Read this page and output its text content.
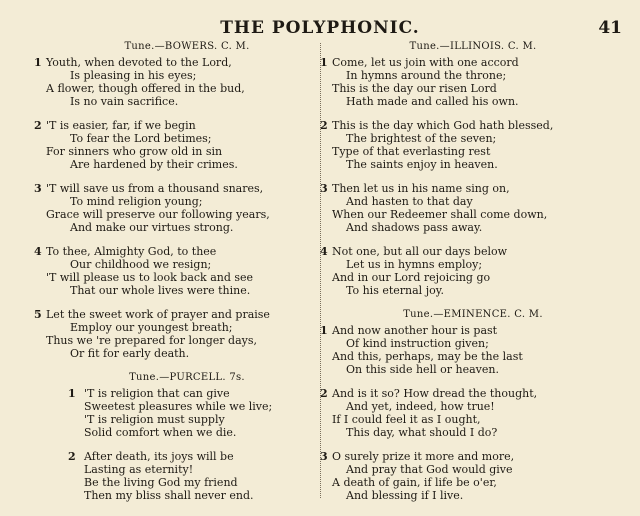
THE POLYPHONIC.	41
Tune.—BOWERS. C. M.
1 Youth, when devoted to the Lord,
Is pleasing in his eyes;
A flower, though offered in the bud,
Is no vain sacrifice.
2 'T is easier, far, if we begin
To fear the Lord betimes;
For sinners who grow old in sin
Are hardened by their crimes.
3 'T will save us from a thousand snares,
To mind religion young;
Grace will preserve our following years,
And make our virtues strong.
4 To thee, Almighty God, to thee
Our childhood we resign;
'T will please us to look back and see
That our whole lives were thine.
5 Let the sweet work of prayer and praise
Employ our youngest breath;
Thus we 're prepared for longer days,
Or fit for early death.
Tune.—PURCELL. 7s.
1 'T is religion that can give
Sweetest pleasures while we live;
'T is religion must supply
Solid comfort when we die.
2 After death, its joys will be
Lasting as eternity!
Be the living God my friend
Then my bliss shall never end.
Tune.—ILLINOIS. C. M.
1 Come, let us join with one accord
In hymns around the throne;
This is the day our risen Lord
Hath made and called his own.
2 This is the day which God hath blessed,
The brightest of the seven;
Type of that everlasting rest
The saints enjoy in heaven.
3 Then let us in his name sing on,
And hasten to that day
When our Redeemer shall come down,
And shadows pass away.
4 Not one, but all our days below
Let us in hymns employ;
And in our Lord rejoicing go
To his eternal joy.
Tune.—EMINENCE. C. M.
1 And now another hour is past
Of kind instruction given;
And this, perhaps, may be the last
On this side hell or heaven.
2 And is it so? How dread the thought,
And yet, indeed, how true!
If I could feel it as I ought,
This day, what should I do?
3 O surely prize it more and more,
And pray that God would give
A death of gain, if life be o'er,
And blessing if I live.
